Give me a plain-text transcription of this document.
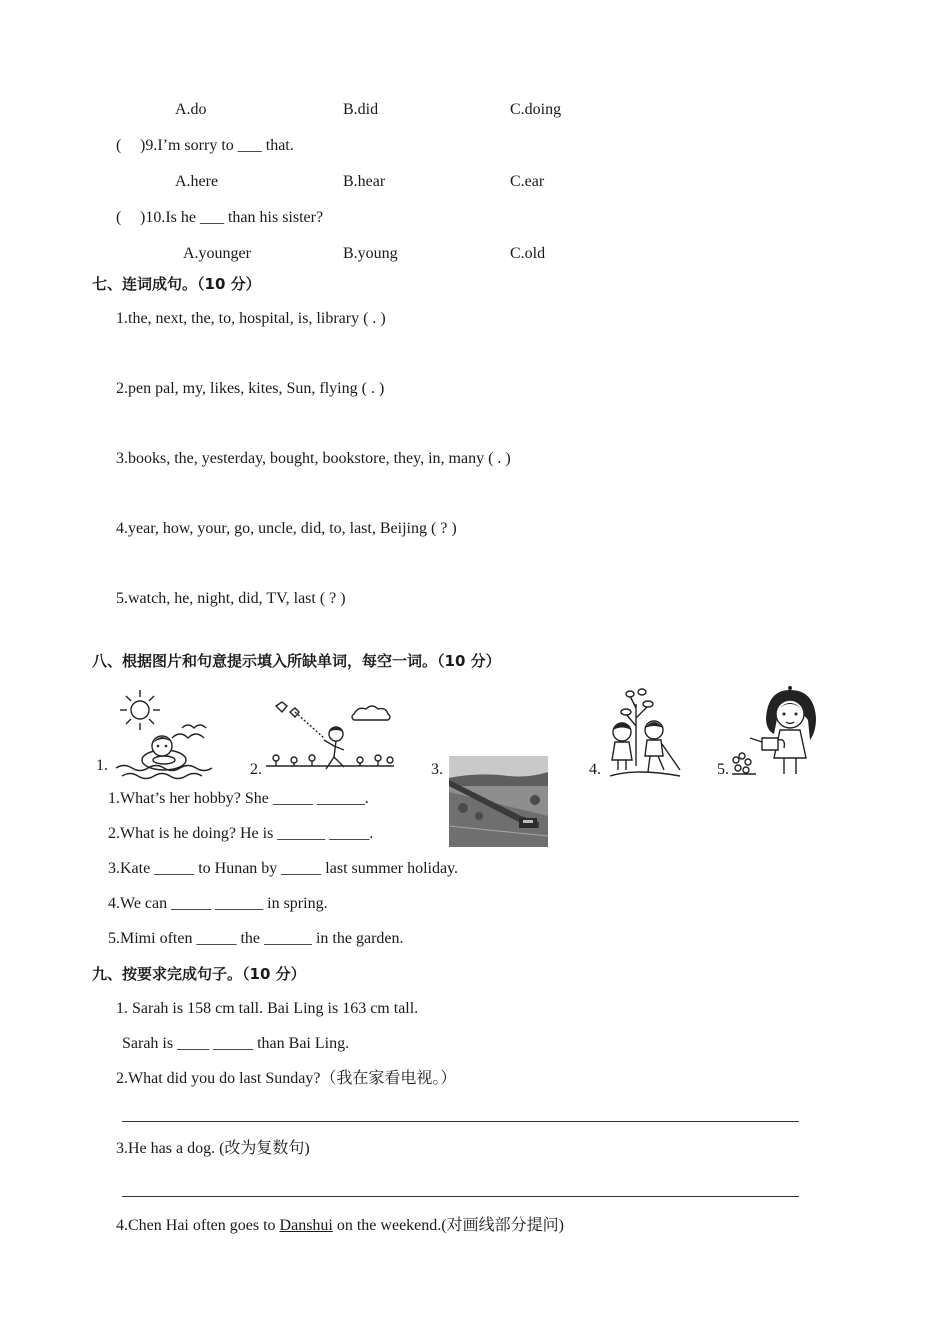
A.do	B.did	C.doing
( )9.I’m sorry to ___ that.
A.here	B.hear	C.ear
( )10.Is he ___ than his sister?
A.younger	B.young	C.old
七、连词成句。（10 分）
1.the, next, the, to, hospital, is, library ( . )
2.pen pal, my, likes, kites, Sun, flying ( . )
3.books, the, yesterday, bought, bookstore, they, in, many ( . )
4.year, how, your, go, uncle, did, to, last, Beijing ( ? )
5.watch, he, night, did, TV, last ( ? )
八、根据图片和句意提示填入所缺单词，每空一词。（10 分）
1.	2.	3.	4.	5.
1.What’s her hobby? She _____ ______.
2.What is he doing? He is ______ _____.
3.Kate _____ to Hunan by _____ last summer holiday.
4.We can _____ ______ in spring.
5.Mimi often _____ the ______ in the garden.
九、按要求完成句子。（10 分）
1. Sarah is 158 cm tall. Bai Ling is 163 cm tall.
Sarah is ____ _____ than Bai Ling.
2.What did you do last Sunday?（我在家看电视。）
3.He has a dog. (改为复数句)
4.Chen Hai often goes to Danshui on the weekend.(对画线部分提问)
